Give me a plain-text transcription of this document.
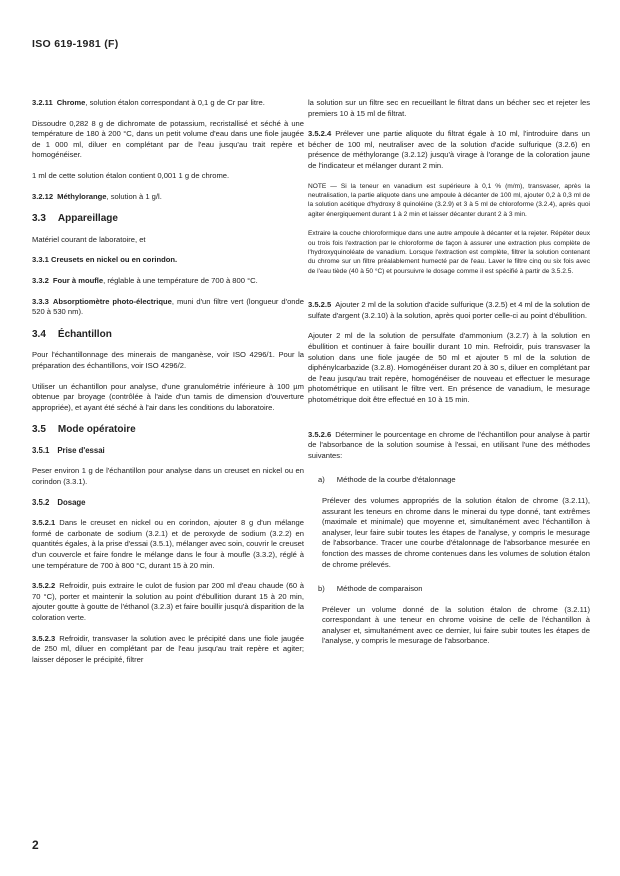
ISO 619-1981 (F)

3.2.11 Chrome, solution étalon correspondant à 0,1 g de Cr par litre.

Dissoudre 0,282 8 g de dichromate de potassium, recristallisé et séché à une température de 180 à 200 °C, dans un petit volume d'eau dans une fiole jaugée de 1 000 ml, diluer en complétant par de l'eau jusqu'au trait repère et homogénéiser.

1 ml de cette solution étalon contient 0,001 1 g de chrome.

3.2.12 Méthylorange, solution à 1 g/l.

3.3 Appareillage

Matériel courant de laboratoire, et

3.3.1 Creusets en nickel ou en corindon.

3.3.2 Four à moufle, réglable à une température de 700 à 800 °C.

3.3.3 Absorptiomètre photo-électrique, muni d'un filtre vert (longueur d'onde 520 à 530 nm).

3.4 Échantillon

Pour l'échantillonnage des minerais de manganèse, voir ISO 4296/1. Pour la préparation des échantillons, voir ISO 4296/2.

Utiliser un échantillon pour analyse, d'une granulométrie inférieure à 100 µm obtenue par broyage (contrôlée à l'aide d'un tamis de dimension d'ouverture appropriée), et ayant été séché à l'air dans les conditions du laboratoire.

3.5 Mode opératoire
3.5.1 Prise d'essai

Peser environ 1 g de l'échantillon pour analyse dans un creuset en nickel ou en corindon (3.3.1).

3.5.2 Dosage

3.5.2.1 Dans le creuset en nickel ou en corindon, ajouter 8 g d'un mélange formé de carbonate de sodium (3.2.1) et de peroxyde de sodium (3.2.2) en quantités égales, à la prise d'essai (3.5.1), mélanger avec soin, couvrir le creuset d'un couvercle et faire fondre le mélange dans le four à moufle (3.3.2), réglé à une température de 700 à 800 °C, durant 15 à 20 min.

3.5.2.2 Refroidir, puis extraire le culot de fusion par 200 ml d'eau chaude (60 à 70 °C), porter et maintenir la solution au point d'ébullition durant 15 à 20 min, ajouter goutte à goutte de l'éthanol (3.2.3) et faire bouillir jusqu'à disparition de la coloration verte.

3.5.2.3 Refroidir, transvaser la solution avec le précipité dans une fiole jaugée de 250 ml, diluer en complétant par de l'eau jusqu'au trait repère et agiter; laisser déposer le précipité, filtrer

la solution sur un filtre sec en recueillant le filtrat dans un bécher sec et rejeter les premiers 10 à 15 ml de filtrat.

3.5.2.4 Prélever une partie aliquote du filtrat égale à 10 ml, l'introduire dans un bécher de 100 ml, neutraliser avec de la solution d'acide sulfurique (3.2.6) en présence de méthylorange (3.2.12) jusqu'à virage à l'orange de la coloration jaune de l'indicateur et mélanger durant 2 min.

NOTE — Si la teneur en vanadium est supérieure à 0,1 % (m/m), transvaser, après la neutralisation, la partie aliquote dans une ampoule à décanter de 100 ml, ajouter 0,2 à 0,3 ml de la solution acétique d'hydroxy 8 quinoléine (3.2.9) et 3 à 5 ml de chloroforme (3.2.4), après quoi agiter énergiquement durant 1 à 2 min et laisser décanter durant 2 à 3 min.

Extraire la couche chloroformique dans une autre ampoule à décanter et la rejeter. Répéter deux ou trois fois l'extraction par le chloroforme de façon à assurer une extraction plus complète de l'hydroxyquinoléate de vanadium. Lorsque l'extraction est complète, filtrer la solution contenant du chrome sur un filtre préalablement humecté par de l'eau. Laver le filtre cinq ou six fois avec de l'eau tiède (40 à 50 °C) et poursuivre le dosage comme il est spécifié à partir de 3.5.2.5.

3.5.2.5 Ajouter 2 ml de la solution d'acide sulfurique (3.2.5) et 4 ml de la solution de sulfate d'argent (3.2.10) à la solution, après quoi porter celle-ci au point d'ébullition.

Ajouter 2 ml de la solution de persulfate d'ammonium (3.2.7) à la solution en ébullition et continuer à faire bouillir durant 10 min. Refroidir, puis transvaser la solution dans une fiole jaugée de 50 ml et ajouter 5 ml de la solution de diphénylcarbazide (3.2.8). Homogénéiser durant 20 à 30 s, diluer en complétant par de l'eau jusqu'au trait repère, homogénéiser de nouveau et effectuer le mesurage photométrique en utilisant le filtre vert. En présence de vanadium, le mesurage photométrique doit être effectué en 10 à 15 min.

3.5.2.6 Déterminer le pourcentage en chrome de l'échantillon pour analyse à partir de l'absorbance de la solution soumise à l'essai, en utilisant l'une des méthodes suivantes:

a) Méthode de la courbe d'étalonnage

Prélever des volumes appropriés de la solution étalon de chrome (3.2.11), assurant les teneurs en chrome dans le minerai du type donné, tant extrêmes (maximale et minimale) que moyenne et, simultanément avec l'échantillon à analyser, leur faire subir toutes les étapes de l'analyse, y compris le mesurage de l'absorbance. Tracer une courbe d'étalonnage de l'absorbance mesurée en fonction des masses de chrome contenues dans les volumes de solution étalon de chrome prélevés.

b) Méthode de comparaison

Prélever un volume donné de la solution étalon de chrome (3.2.11) correspondant à une teneur en chrome voisine de celle de l'échantillon à analyser et, simultanément avec ce dernier, lui faire subir toutes les étapes de l'analyse, y compris le mesurage de l'absorbance.

2
